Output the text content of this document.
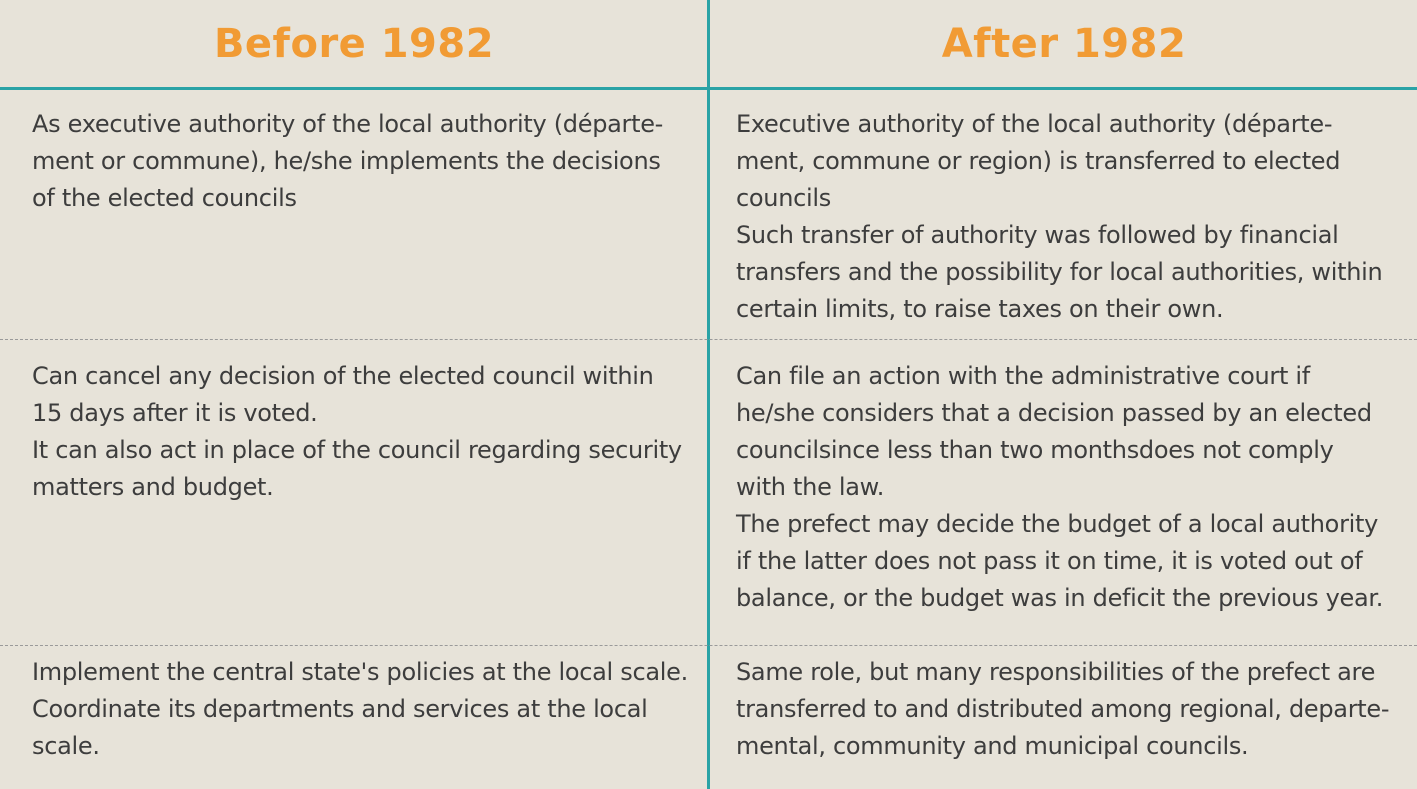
Before 1982	After 1982

As executive authority of the local authority (départe-

ment or commune), he/she implements the decisions

of the elected councils

Executive authority of the local authority (départe-

ment, commune or region) is transferred to elected

councils

Such transfer of authority was followed by financial

transfers and the possibility for local authorities, within

certain limits, to raise taxes on their own.

Can cancel any decision of the elected council within

15 days after it is voted.

It can also act in place of the council regarding security

matters and budget.

Can file an action with the administrative court if

he/she considers that a decision passed by an elected

councilsince less than two monthsdoes not comply

with the law.

The prefect may decide the budget of a local authority

if the latter does not pass it on time, it is voted out of

balance, or the budget was in deficit the previous year.

Implement the central state's policies at the local scale.

Coordinate its departments and services at the local

scale.

Same role, but many responsibilities of the prefect are

transferred to and distributed among regional, departe-

mental, community and municipal councils.
